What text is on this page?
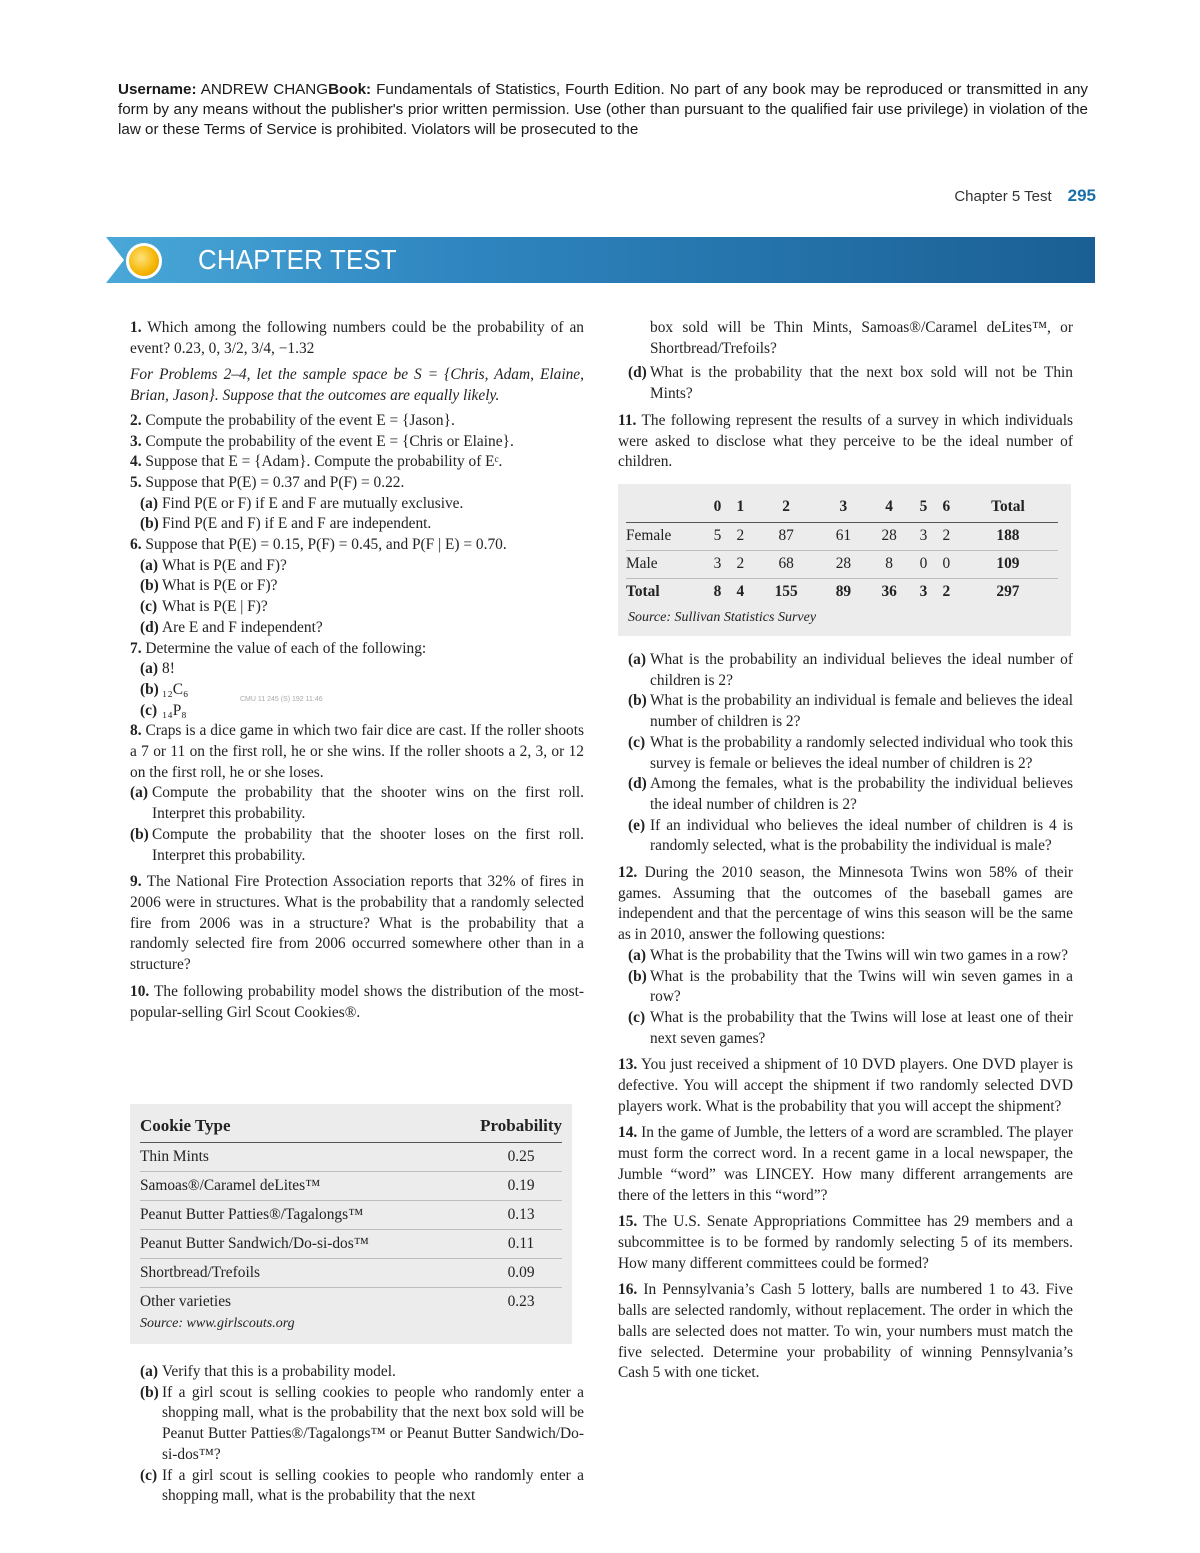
Username: ANDREW CHANGBook: Fundamentals of Statistics, Fourth Edition. No part of any book may be reproduced or transmitted in any form by any means without the publisher's prior written permission. Use (other than pursuant to the qualified fair use privilege) in violation of the law or these Terms of Service is prohibited. Violators will be prosecuted to the
Chapter 5 Test 295
CHAPTER TEST
CMU 11 245 (S) 192 11:46

1. Which among the following numbers could be the probability of an event? 0.23, 0, 3/2, 3/4, −1.32

For Problems 2–4, let the sample space be S = {Chris, Adam, Elaine, Brian, Jason}. Suppose that the outcomes are equally likely.

2. Compute the probability of the event E = {Jason}.

3. Compute the probability of the event E = {Chris or Elaine}.

4. Suppose that E = {Adam}. Compute the probability of Eᶜ.

5. Suppose that P(E) = 0.37 and P(F) = 0.22.

(a) Find P(E or F) if E and F are mutually exclusive.

(b) Find P(E and F) if E and F are independent.

6. Suppose that P(E) = 0.15, P(F) = 0.45, and P(F | E) = 0.70.

(a) What is P(E and F)?

(b) What is P(E or F)?

(c) What is P(E | F)?

(d) Are E and F independent?

7. Determine the value of each of the following:

(a) 8!

(b) ₁₂C₆

(c) ₁₄P₈

8. Craps is a dice game in which two fair dice are cast. If the roller shoots a 7 or 11 on the first roll, he or she wins. If the roller shoots a 2, 3, or 12 on the first roll, he or she loses.

(a) Compute the probability that the shooter wins on the first roll. Interpret this probability.

(b) Compute the probability that the shooter loses on the first roll. Interpret this probability.

9. The National Fire Protection Association reports that 32% of fires in 2006 were in structures. What is the probability that a randomly selected fire from 2006 was in a structure? What is the probability that a randomly selected fire from 2006 occurred somewhere other than in a structure?

10. The following probability model shows the distribution of the most-popular-selling Girl Scout Cookies®.

Cookie Type	Probability
Thin Mints	0.25
Samoas®/Caramel deLites™	0.19
Peanut Butter Patties®/Tagalongs™	0.13
Peanut Butter Sandwich/Do-si-dos™	0.11
Shortbread/Trefoils	0.09
Other varieties	0.23
Source: www.girlscouts.org

(a) Verify that this is a probability model.

(b) If a girl scout is selling cookies to people who randomly enter a shopping mall, what is the probability that the next box sold will be Peanut Butter Patties®/Tagalongs™ or Peanut Butter Sandwich/Do-si-dos™?

(c) If a girl scout is selling cookies to people who randomly enter a shopping mall, what is the probability that the next

box sold will be Thin Mints, Samoas®/Caramel deLites™, or Shortbread/Trefoils?

(d) What is the probability that the next box sold will not be Thin Mints?

11. The following represent the results of a survey in which individuals were asked to disclose what they perceive to be the ideal number of children.

	0	1	2	3	4	5	6	Total
Female	5	2	87	61	28	3	2	188
Male	3	2	68	28	8	0	0	109
Total	8	4	155	89	36	3	2	297
Source: Sullivan Statistics Survey

(a) What is the probability an individual believes the ideal number of children is 2?

(b) What is the probability an individual is female and believes the ideal number of children is 2?

(c) What is the probability a randomly selected individual who took this survey is female or believes the ideal number of children is 2?

(d) Among the females, what is the probability the individual believes the ideal number of children is 2?

(e) If an individual who believes the ideal number of children is 4 is randomly selected, what is the probability the individual is male?

12. During the 2010 season, the Minnesota Twins won 58% of their games. Assuming that the outcomes of the baseball games are independent and that the percentage of wins this season will be the same as in 2010, answer the following questions:

(a) What is the probability that the Twins will win two games in a row?

(b) What is the probability that the Twins will win seven games in a row?

(c) What is the probability that the Twins will lose at least one of their next seven games?

13. You just received a shipment of 10 DVD players. One DVD player is defective. You will accept the shipment if two randomly selected DVD players work. What is the probability that you will accept the shipment?

14. In the game of Jumble, the letters of a word are scrambled. The player must form the correct word. In a recent game in a local newspaper, the Jumble “word” was LINCEY. How many different arrangements are there of the letters in this “word”?

15. The U.S. Senate Appropriations Committee has 29 members and a subcommittee is to be formed by randomly selecting 5 of its members. How many different committees could be formed?

16. In Pennsylvania’s Cash 5 lottery, balls are numbered 1 to 43. Five balls are selected randomly, without replacement. The order in which the balls are selected does not matter. To win, your numbers must match the five selected. Determine your probability of winning Pennsylvania’s Cash 5 with one ticket.
